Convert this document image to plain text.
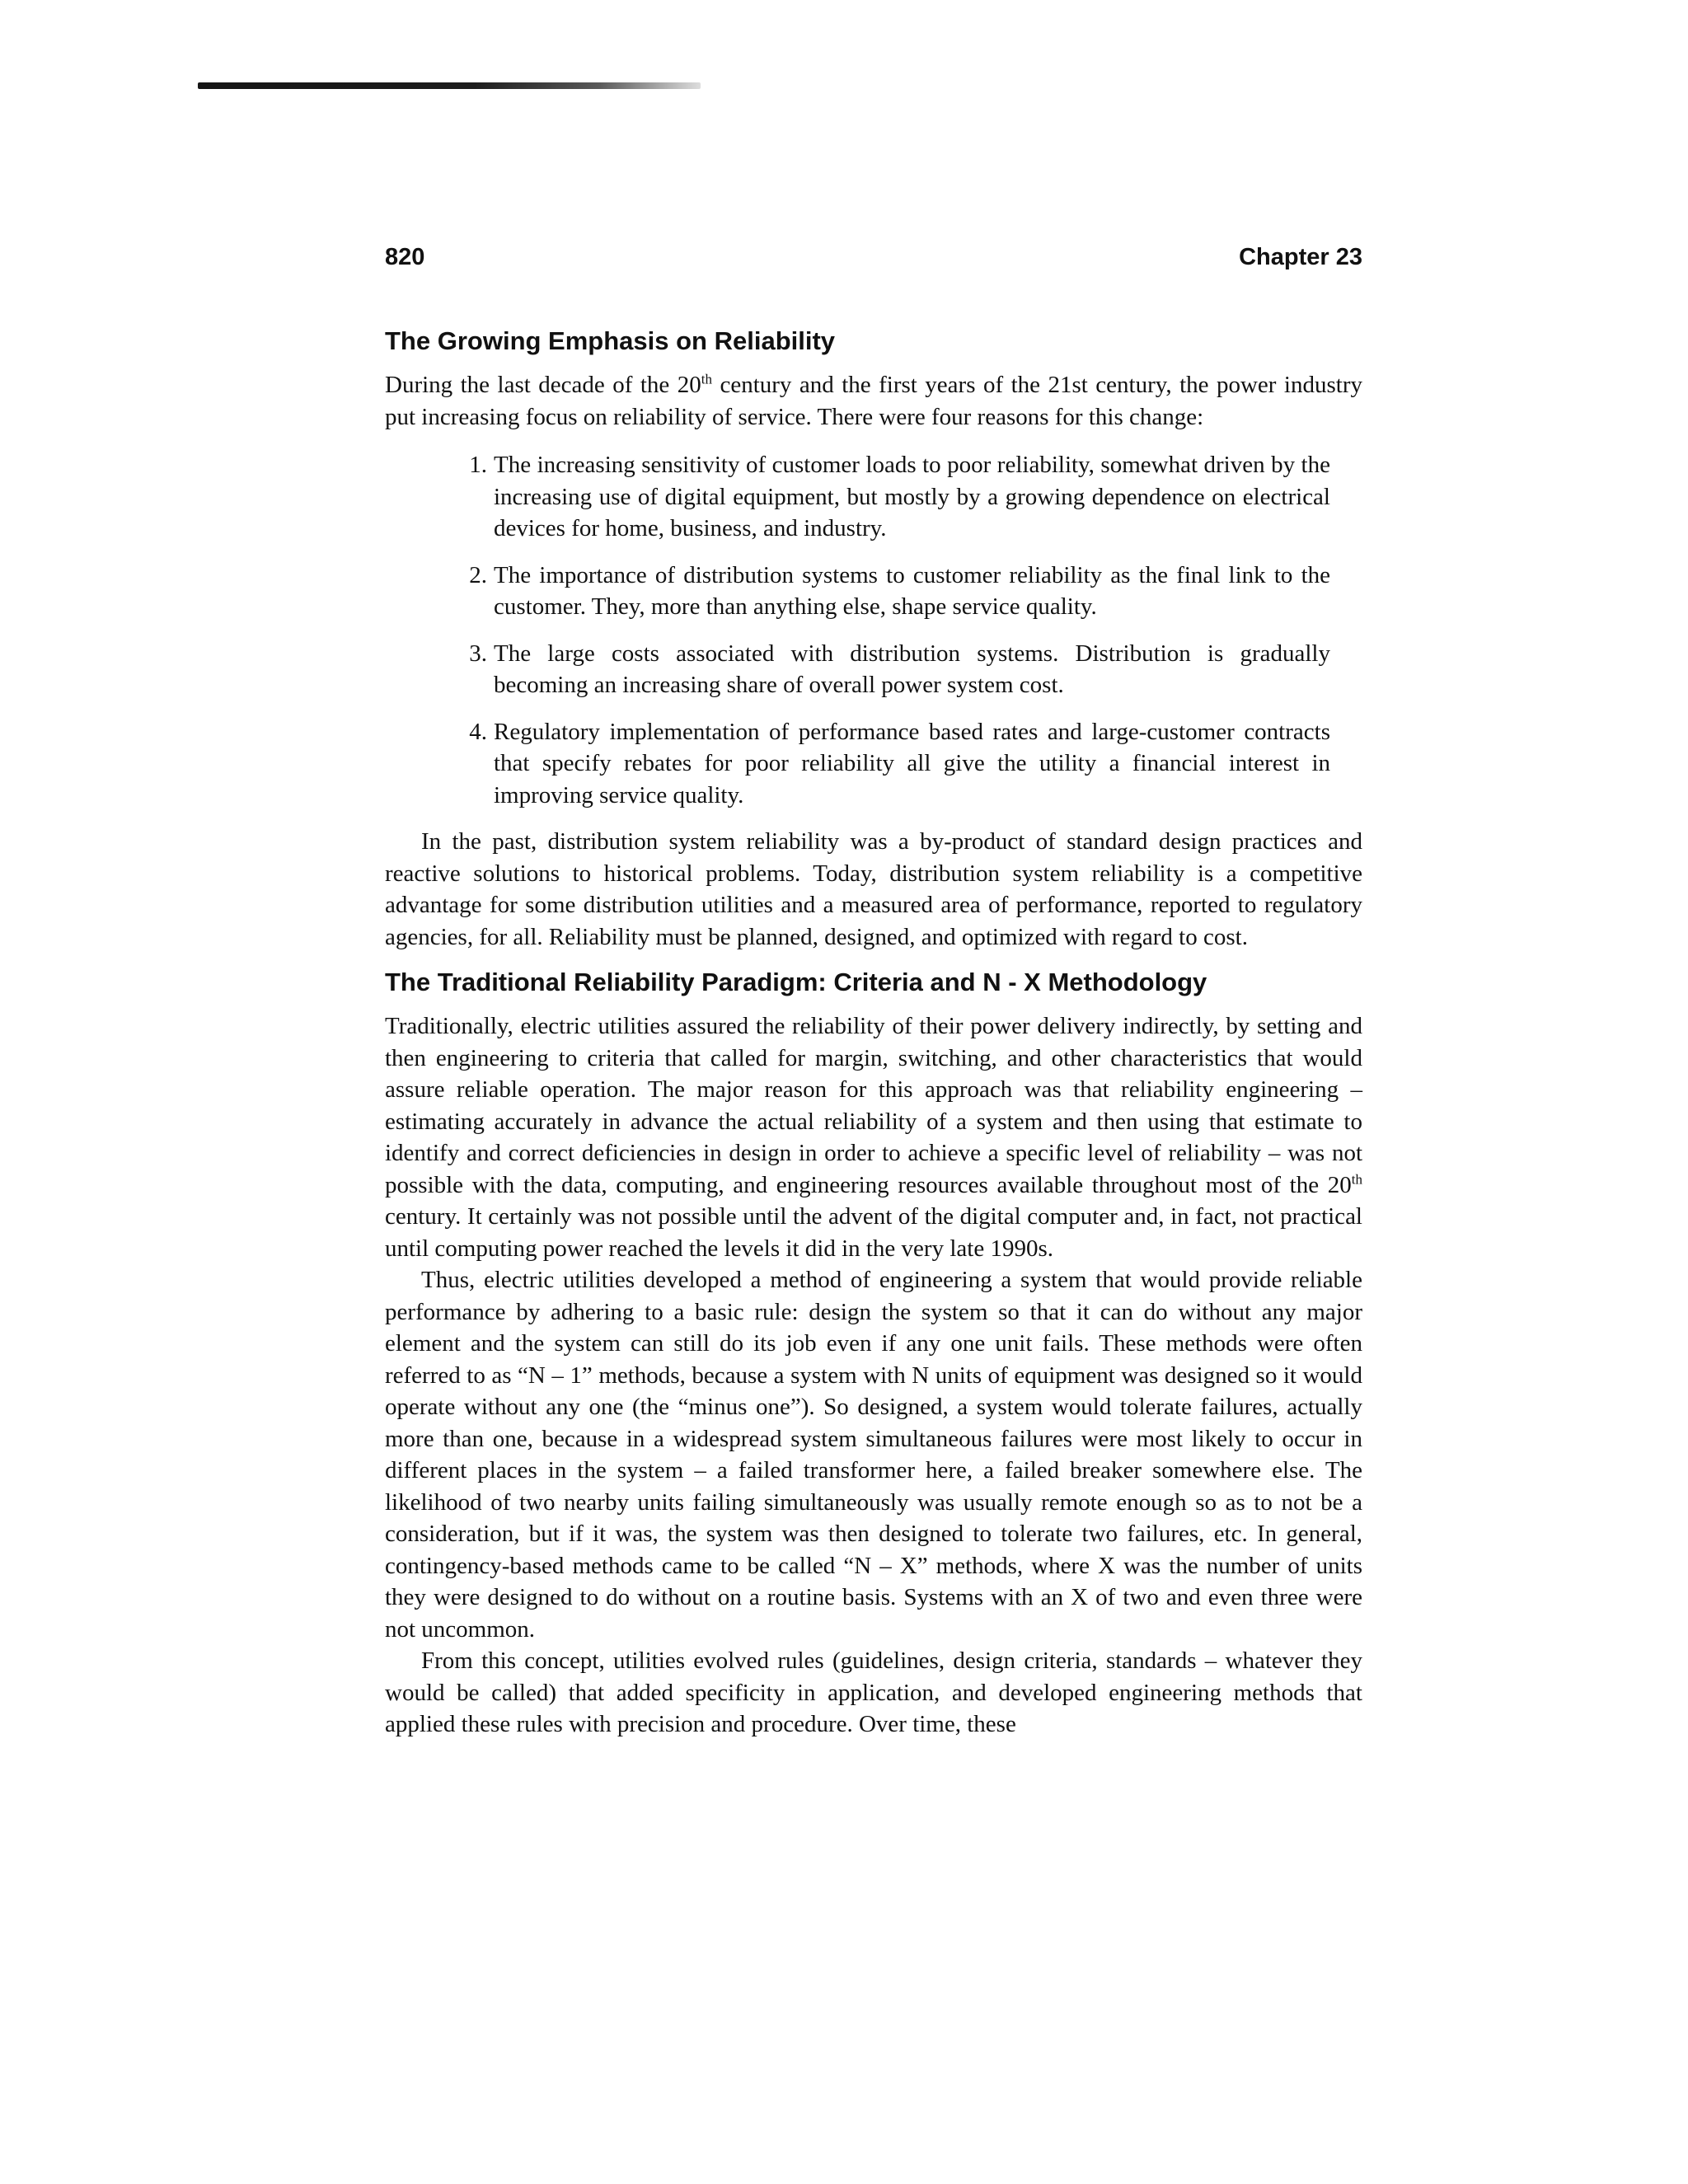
820	Chapter 23
The Growing Emphasis on Reliability

During the last decade of the 20th century and the first years of the 21st century, the power industry put increasing focus on reliability of service. There were four reasons for this change:

1. The increasing sensitivity of customer loads to poor reliability, somewhat driven by the increasing use of digital equipment, but mostly by a growing dependence on electrical devices for home, business, and industry.
2. The importance of distribution systems to customer reliability as the final link to the customer. They, more than anything else, shape service quality.
3. The large costs associated with distribution systems. Distribution is gradually becoming an increasing share of overall power system cost.
4. Regulatory implementation of performance based rates and large-customer contracts that specify rebates for poor reliability all give the utility a financial interest in improving service quality.

In the past, distribution system reliability was a by-product of standard design practices and reactive solutions to historical problems. Today, distribution system reliability is a competitive advantage for some distribution utilities and a measured area of performance, reported to regulatory agencies, for all. Reliability must be planned, designed, and optimized with regard to cost.

The Traditional Reliability Paradigm: Criteria and N - X Methodology

Traditionally, electric utilities assured the reliability of their power delivery indirectly, by setting and then engineering to criteria that called for margin, switching, and other characteristics that would assure reliable operation. The major reason for this approach was that reliability engineering – estimating accurately in advance the actual reliability of a system and then using that estimate to identify and correct deficiencies in design in order to achieve a specific level of reliability – was not possible with the data, computing, and engineering resources available throughout most of the 20th century. It certainly was not possible until the advent of the digital computer and, in fact, not practical until computing power reached the levels it did in the very late 1990s.

Thus, electric utilities developed a method of engineering a system that would provide reliable performance by adhering to a basic rule: design the system so that it can do without any major element and the system can still do its job even if any one unit fails. These methods were often referred to as “N – 1” methods, because a system with N units of equipment was designed so it would operate without any one (the “minus one”). So designed, a system would tolerate failures, actually more than one, because in a widespread system simultaneous failures were most likely to occur in different places in the system – a failed transformer here, a failed breaker somewhere else. The likelihood of two nearby units failing simultaneously was usually remote enough so as to not be a consideration, but if it was, the system was then designed to tolerate two failures, etc. In general, contingency-based methods came to be called “N – X” methods, where X was the number of units they were designed to do without on a routine basis. Systems with an X of two and even three were not uncommon.

From this concept, utilities evolved rules (guidelines, design criteria, standards – whatever they would be called) that added specificity in application, and developed engineering methods that applied these rules with precision and procedure. Over time, these
